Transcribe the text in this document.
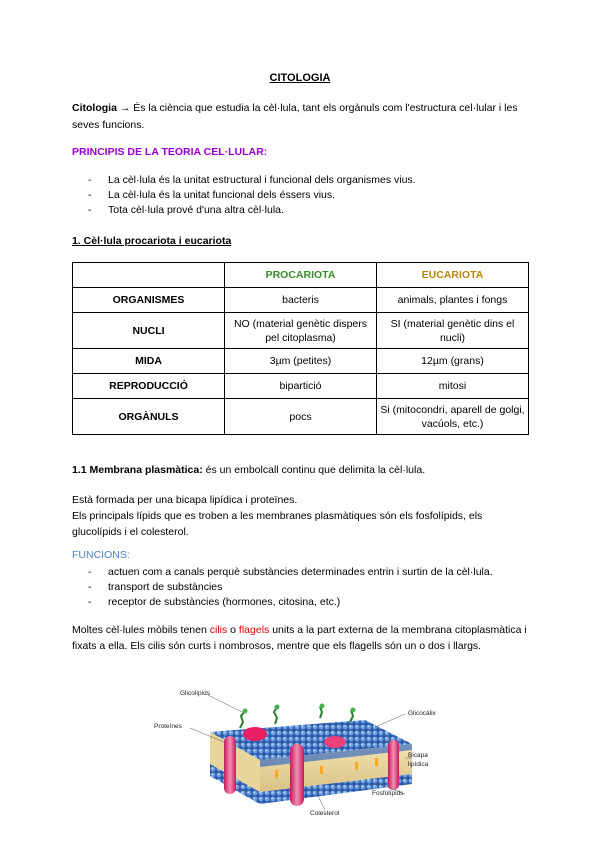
CITOLOGIA
Citologia → És la ciència que estudia la cèl·lula, tant els orgànuls com l'estructura cel·lular i les seves funcions.
PRINCIPIS DE LA TEORIA CEL·LULAR:
- La cèl·lula és la unitat estructural i funcional dels organismes vius.
- La cèl·lula és la unitat funcional dels éssers vius.
- Tota cèl·lula prové d'una altra cèl·lula.
1. Cèl·lula procariota i eucariota
	PROCARIOTA	EUCARIOTA
ORGANISMES	bacteris	animals, plantes i fongs
NUCLI	NO (material genètic dispers pel citoplasma)	SI (material genètic dins el nucli)
MIDA	3µm (petites)	12µm (grans)
REPRODUCCIÓ	bipartició	mitosi
ORGÀNULS	pocs	Si (mitocondri, aparell de golgi, vacúols, etc.)
1.1 Membrana plasmàtica: és un embolcall continu que delimita la cèl·lula.
Està formada per una bicapa lipídica i proteïnes.
Els principals lípids que es troben a les membranes plasmàtiques són els fosfolípids, els glucolípids i el colesterol.
FUNCIONS:
- actuen com a canals perquè substàncies determinades entrin i surtin de la cèl·lula.
- transport de substàncies
- receptor de substàncies (hormones, citosina, etc.)
Moltes cèl·lules mòbils tenen cilis o flagels units a la part externa de la membrana citoplasmàtica i fixats a ella. Els cilis són curts i nombrosos, mentre que els flagells són un o dos i llargs.
Glicolípids
Proteínes
Glicocàlix
Bicapa
lipídica
Fosfolípids
Colesterol
